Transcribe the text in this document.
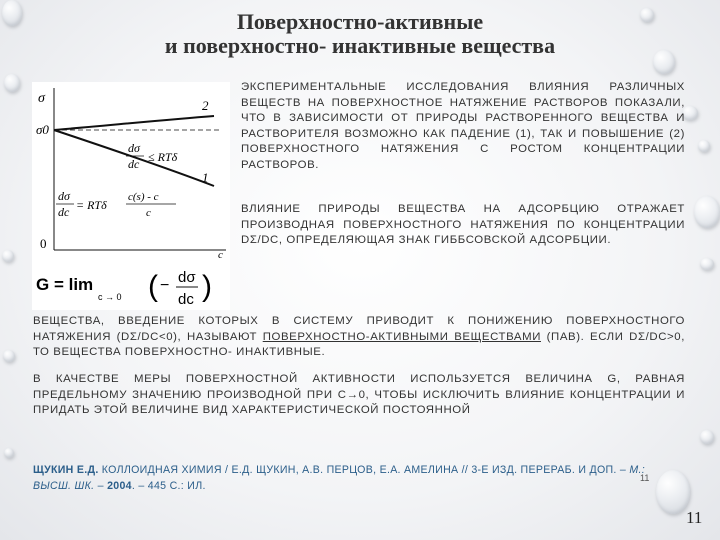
Поверхностно-активные
и поверхностно- инактивные вещества
σ
σ0
2
1
0
c
dσ
dc ≤ RTδ
dσ
dc = RTδ
c(s) - c
c
G = lim
c → 0 ( − dσ
dc )
ЭКСПЕРИМЕНТАЛЬНЫЕ ИССЛЕДОВАНИЯ ВЛИЯНИЯ РАЗЛИЧНЫХ ВЕЩЕСТВ НА ПОВЕРХНОСТНОЕ НАТЯЖЕНИЕ РАСТВОРОВ ПОКАЗАЛИ, ЧТО В ЗАВИСИМОСТИ ОТ ПРИРОДЫ РАСТВОРЕННОГО ВЕЩЕСТВА И РАСТВОРИТЕЛЯ ВОЗМОЖНО КАК ПАДЕНИЕ (1), ТАК И ПОВЫШЕНИЕ (2) ПОВЕРХНОСТНОГО НАТЯЖЕНИЯ С РОСТОМ КОНЦЕНТРАЦИИ РАСТВОРОВ.
ВЛИЯНИЕ ПРИРОДЫ ВЕЩЕСТВА НА АДСОРБЦИЮ ОТРАЖАЕТ ПРОИЗВОДНАЯ ПОВЕРХНОСТНОГО НАТЯЖЕНИЯ ПО КОНЦЕНТРАЦИИ DΣ/DC, ОПРЕДЕЛЯЮЩАЯ ЗНАК ГИББСОВСКОЙ АДСОРБЦИИ.
ВЕЩЕСТВА, ВВЕДЕНИЕ КОТОРЫХ В СИСТЕМУ ПРИВОДИТ К ПОНИЖЕНИЮ ПОВЕРХНОСТНОГО НАТЯЖЕНИЯ (DΣ/DC<0), НАЗЫВАЮТ ПОВЕРХНОСТНО-АКТИВНЫМИ ВЕЩЕСТВАМИ (ПАВ). ЕСЛИ DΣ/DC>0, ТО ВЕЩЕСТВА ПОВЕРХНОСТНО- ИНАКТИВНЫЕ.
В КАЧЕСТВЕ МЕРЫ ПОВЕРХНОСТНОЙ АКТИВНОСТИ ИСПОЛЬЗУЕТСЯ ВЕЛИЧИНА G, РАВНАЯ ПРЕДЕЛЬНОМУ ЗНАЧЕНИЮ ПРОИЗВОДНОЙ ПРИ C→0, ЧТОБЫ ИСКЛЮЧИТЬ ВЛИЯНИЕ КОНЦЕНТРАЦИИ И ПРИДАТЬ ЭТОЙ ВЕЛИЧИНЕ ВИД ХАРАКТЕРИСТИЧЕСКОЙ ПОСТОЯННОЙ
ЩУКИН Е.Д. КОЛЛОИДНАЯ ХИМИЯ / Е.Д. ЩУКИН, А.В. ПЕРЦОВ, Е.А. АМЕЛИНА // 3-Е ИЗД. ПЕРЕРАБ. И ДОП. – М.: ВЫСШ. ШК. – 2004. – 445 С.: ИЛ.
11
11
